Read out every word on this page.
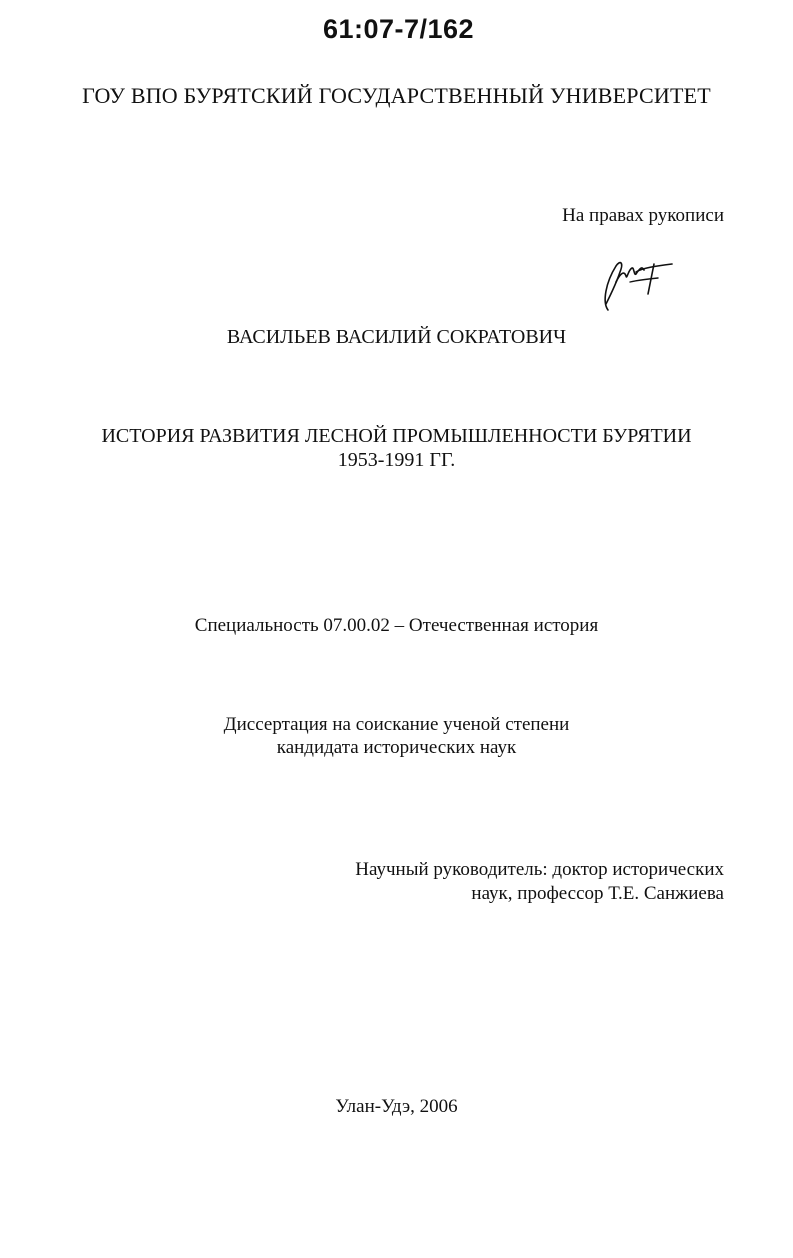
61:07-7/162
ГОУ ВПО БУРЯТСКИЙ ГОСУДАРСТВЕННЫЙ УНИВЕРСИТЕТ
На правах рукописи
ВАСИЛЬЕВ ВАСИЛИЙ СОКРАТОВИЧ
ИСТОРИЯ РАЗВИТИЯ ЛЕСНОЙ ПРОМЫШЛЕННОСТИ БУРЯТИИ
1953-1991 ГГ.
Специальность 07.00.02 – Отечественная история
Диссертация на соискание ученой степени
кандидата исторических наук
Научный руководитель: доктор исторических
наук, профессор Т.Е. Санжиева
Улан-Удэ, 2006
